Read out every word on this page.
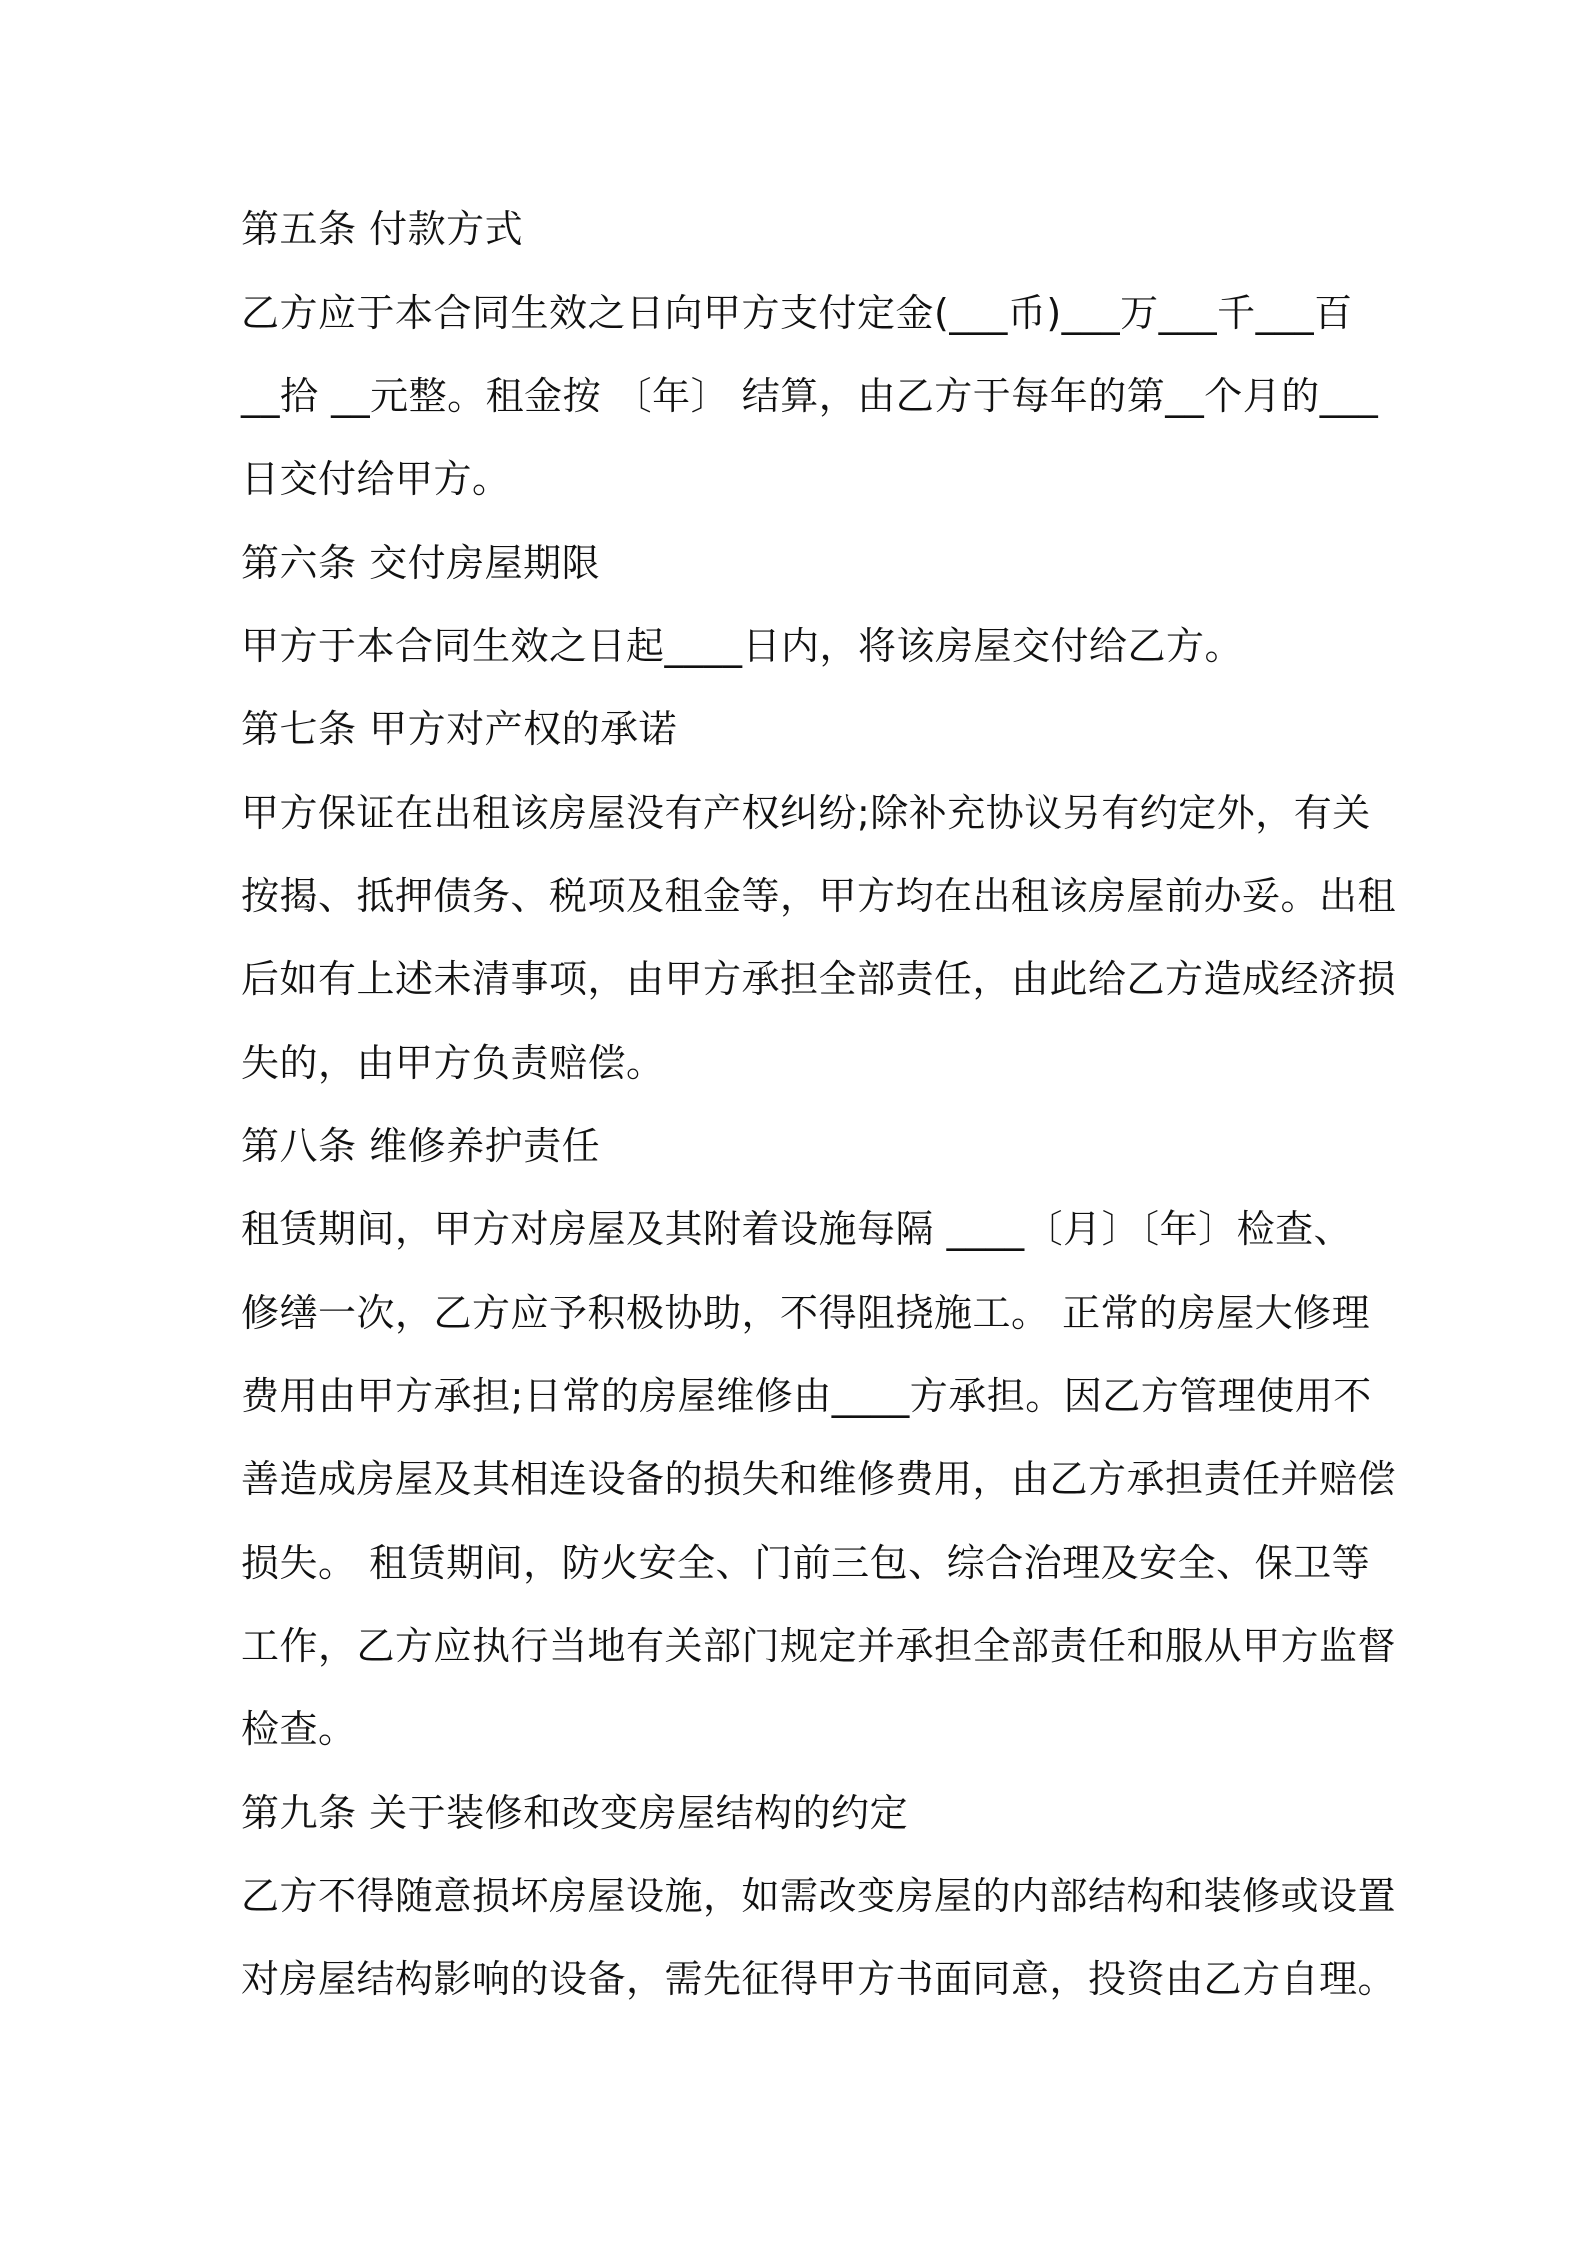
第五条 付款方式
乙方应于本合同生效之日向甲方支付定金(___币)___万___千___百
__拾 __元整。租金按 〔年〕 结算，由乙方于每年的第__个月的___
日交付给甲方。
第六条 交付房屋期限
甲方于本合同生效之日起____日内，将该房屋交付给乙方。
第七条 甲方对产权的承诺
甲方保证在出租该房屋没有产权纠纷;除补充协议另有约定外，有关
按揭、抵押债务、税项及租金等，甲方均在出租该房屋前办妥。出租
后如有上述未清事项，由甲方承担全部责任，由此给乙方造成经济损
失的，由甲方负责赔偿。
第八条 维修养护责任
租赁期间，甲方对房屋及其附着设施每隔 ____〔月〕〔年〕检查、
修缮一次，乙方应予积极协助，不得阻挠施工。 正常的房屋大修理
费用由甲方承担;日常的房屋维修由____方承担。因乙方管理使用不
善造成房屋及其相连设备的损失和维修费用，由乙方承担责任并赔偿
损失。 租赁期间，防火安全、门前三包、综合治理及安全、保卫等
工作，乙方应执行当地有关部门规定并承担全部责任和服从甲方监督
检查。
第九条 关于装修和改变房屋结构的约定
乙方不得随意损坏房屋设施，如需改变房屋的内部结构和装修或设置
对房屋结构影响的设备，需先征得甲方书面同意，投资由乙方自理。
